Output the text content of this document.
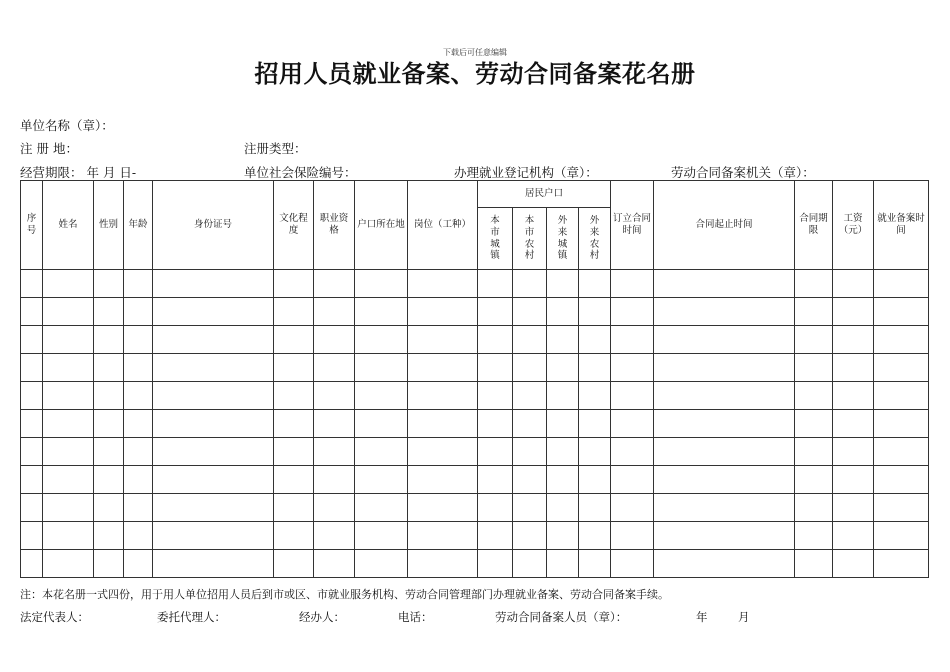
下载后可任意编辑
招用人员就业备案、劳动合同备案花名册
单位名称（章）：
注 册 地：	注册类型：
经营期限： 年 月 日-	单位社会保险编号：	办理就业登记机构（章）：	劳动合同备案机关（章）：
序号	姓名	性别	年龄	身份证号	文化程度	职业资格	户口所在地	岗位（工种）	居民户口				订立合同时间	合同起止时间	合同期限	工资（元）	就业备案时　　间
									本市城镇	本市农村	外来城镇	外来农村					

注：本花名册一式四份，用于用人单位招用人员后到市或区、市就业服务机构、劳动合同管理部门办理就业备案、劳动合同备案手续。
法定代表人：	委托代理人：	经办人：	电话：	劳动合同备案人员（章）：	年	月
